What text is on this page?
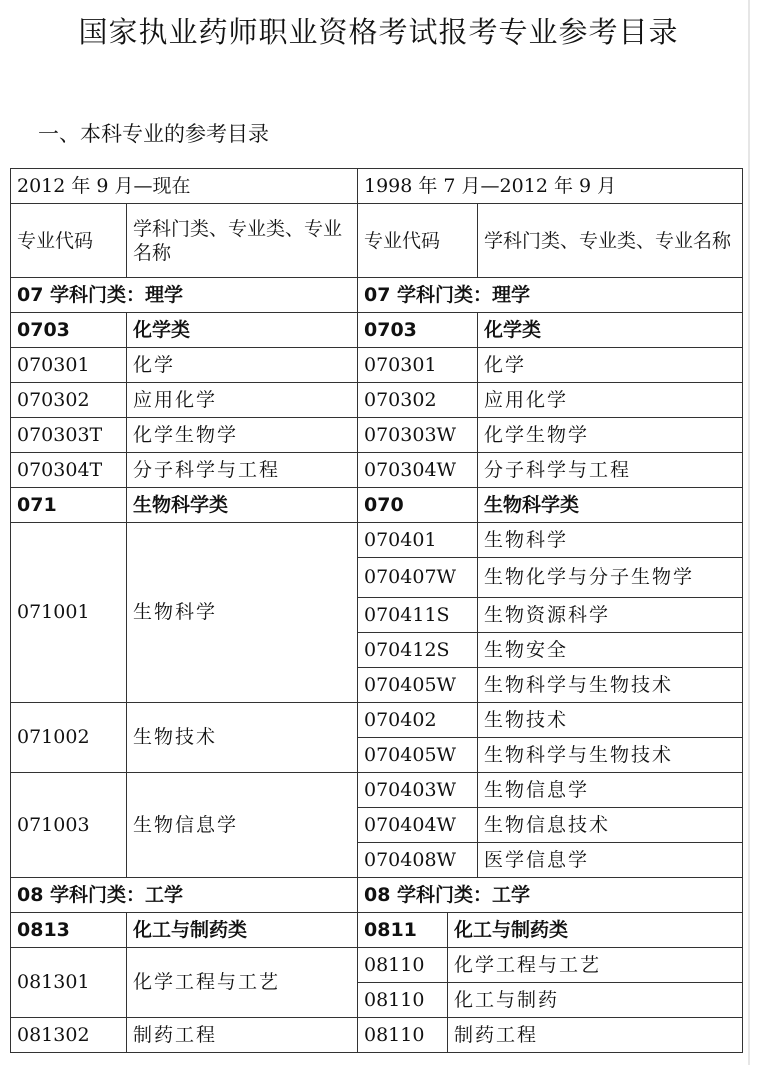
国家执业药师职业资格考试报考专业参考目录
一、本科专业的参考目录
2012 年 9 月—现在	
专业代码	学科门类、专业类、专业名称
07 学科门类：理学	
0703	化学类
070301	化学
070302	应用化学
070303T	化学生物学
070304T	分子科学与工程
071	生物科学类
071001	生物科学
071002	生物技术
071003	生物信息学
08 学科门类：工学	
0813	化工与制药类
081301	化学工程与工艺
081302	制药工程
1998 年 7 月—2012 年 9 月		
专业代码		学科门类、专业类、专业名称
07 学科门类：理学		
0703		化学类
070301		化学
070302		应用化学
070303W		化学生物学
070304W		分子科学与工程
070		生物科学类
070401		生物科学
070407W		生物化学与分子生物学
070411S		生物资源科学
070412S		生物安全
070405W		生物科学与生物技术
070402		生物技术
070405W		生物科学与生物技术
070403W		生物信息学
070404W		生物信息技术
070408W		医学信息学
08 学科门类：工学		
0811	化工与制药类	
08110	化学工程与工艺	
08110	化工与制药	
08110	制药工程	
